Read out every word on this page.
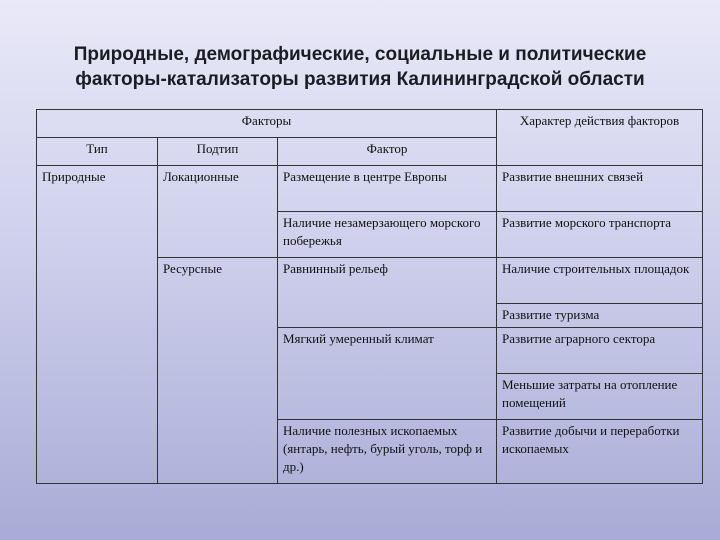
Природные, демографические, социальные и политические
факторы-катализаторы развития Калининградской области
Факторы			Характер действия факторов
Тип	Подтип	Фактор	
Природные	Локационные	Размещение в центре Европы	Развитие внешних связей
		Наличие незамерзающего морского побережья	Развитие морского транспорта
	Ресурсные	Равнинный рельеф	Наличие строительных площадок
			Развитие туризма
		Мягкий умеренный климат	Развитие аграрного сектора
			Меньшие затраты на отопление помещений
		Наличие полезных ископаемых (янтарь, нефть, бурый уголь, торф и др.)	Развитие добычи и переработки ископаемых
